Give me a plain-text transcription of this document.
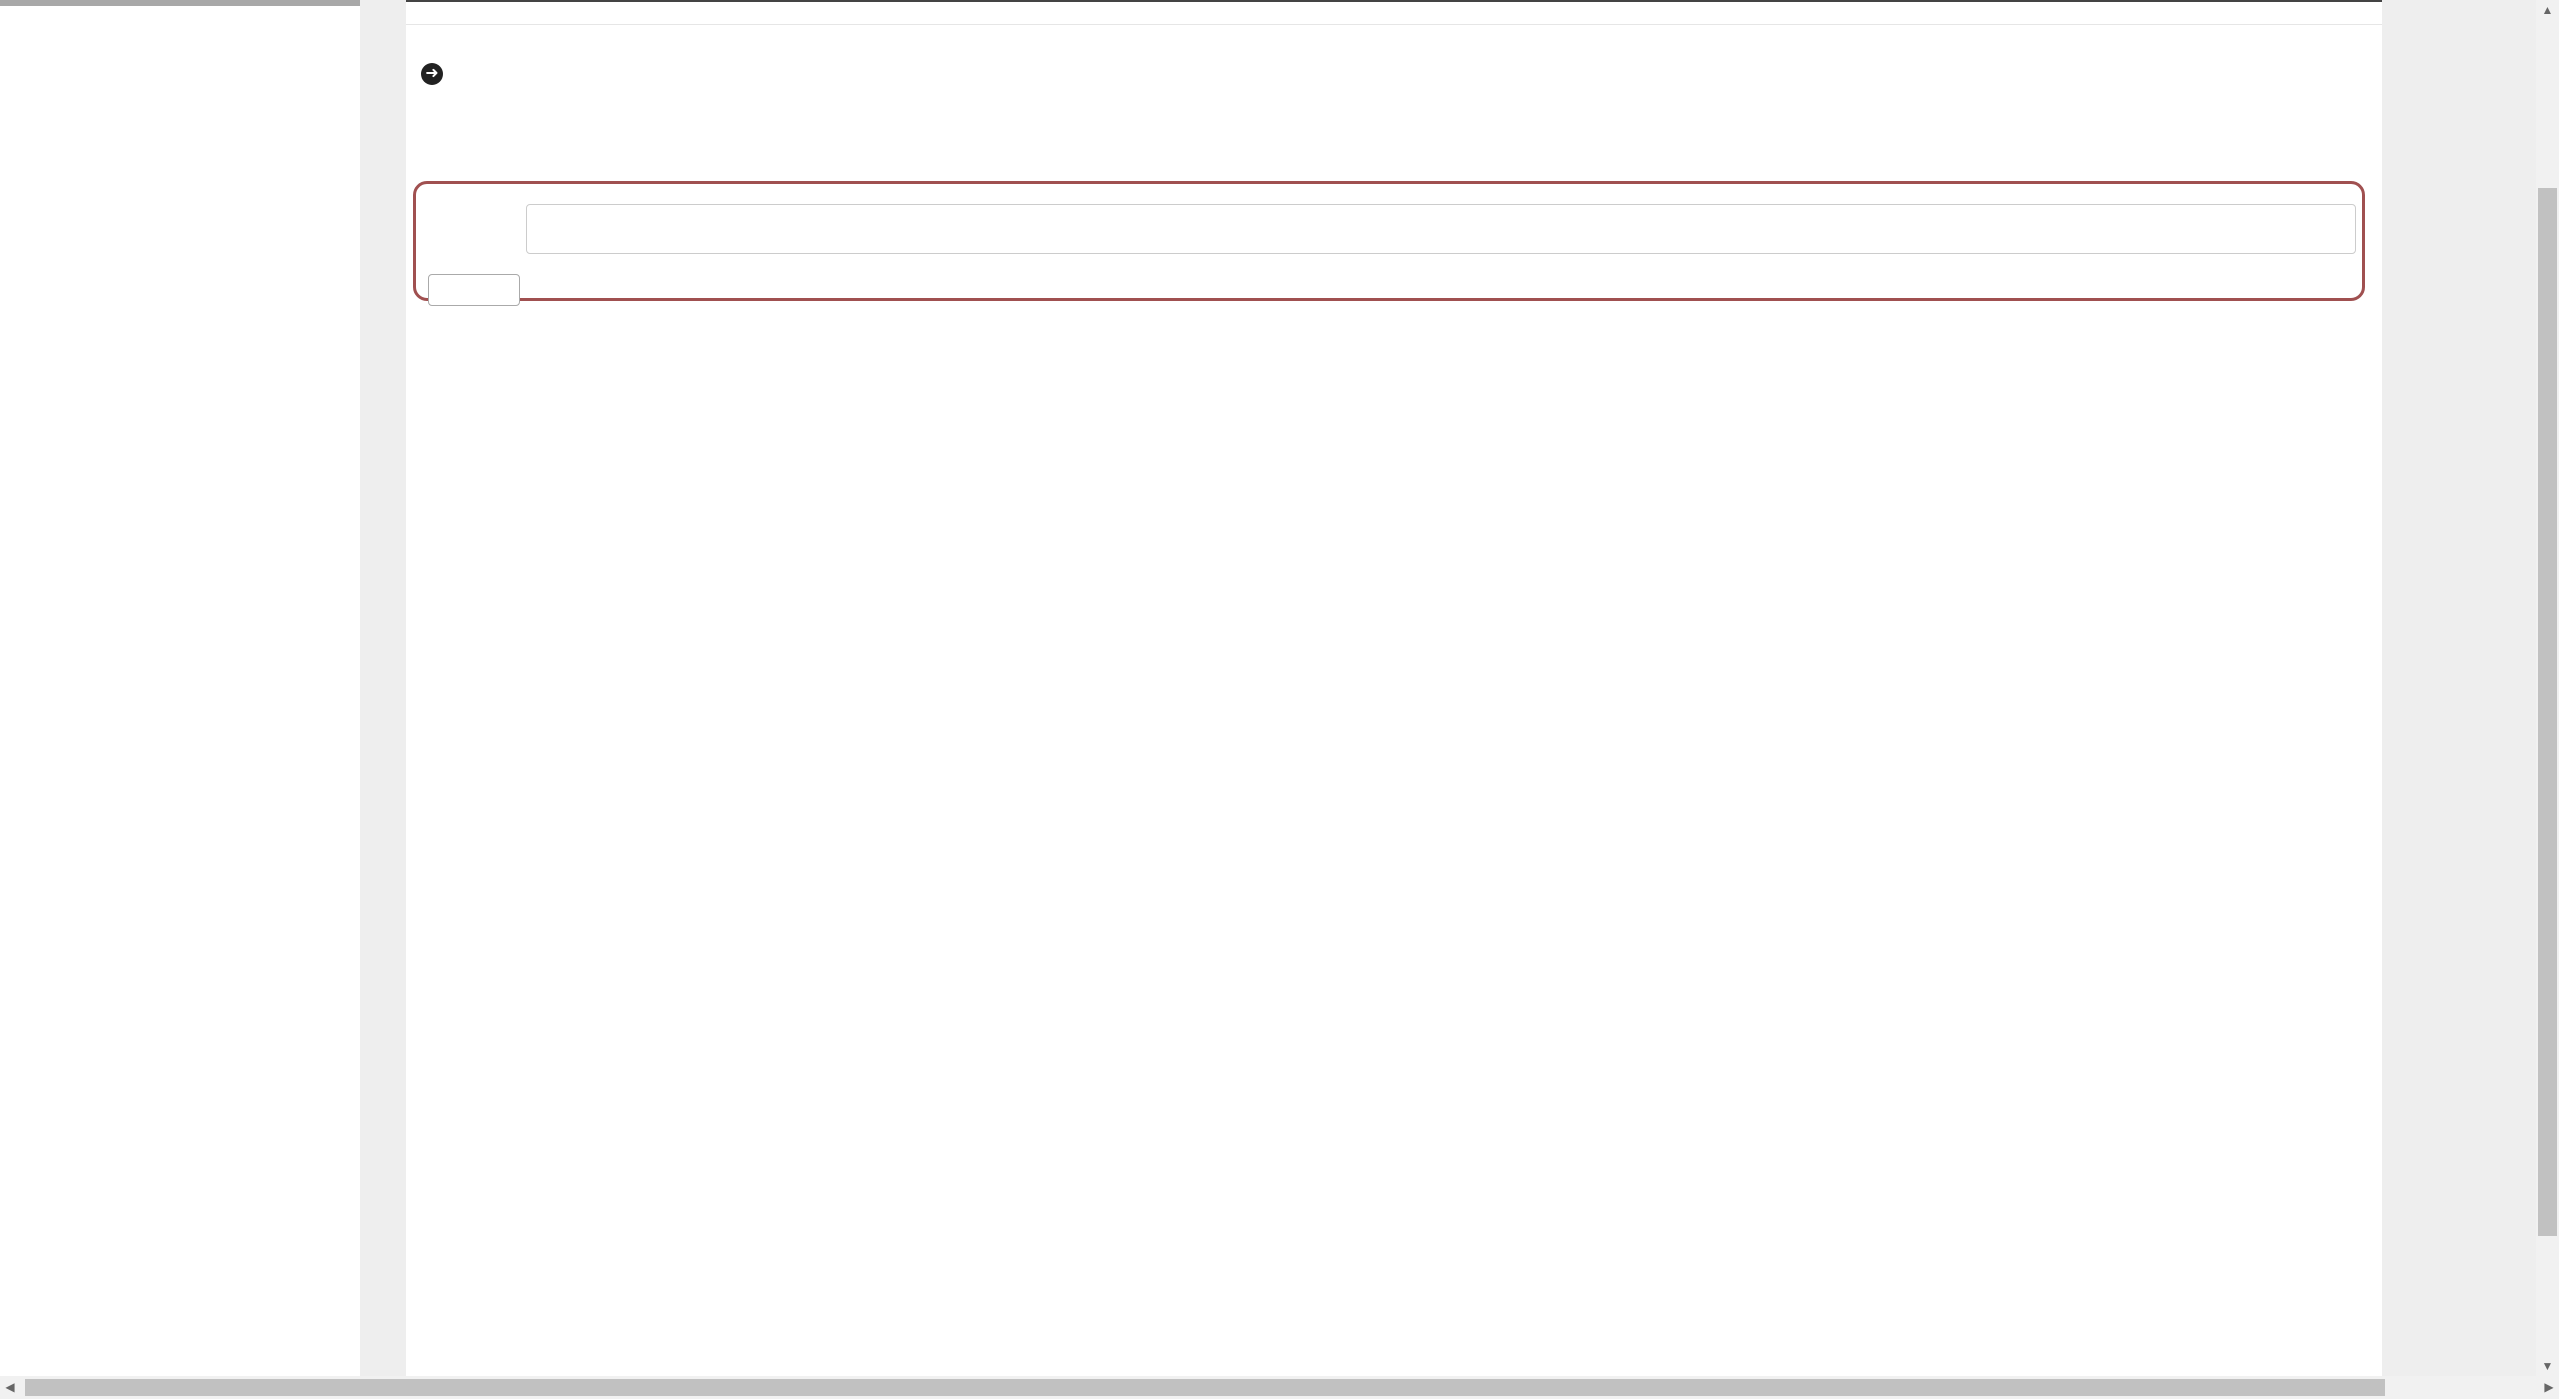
➜

▲
▼
◀	▶
